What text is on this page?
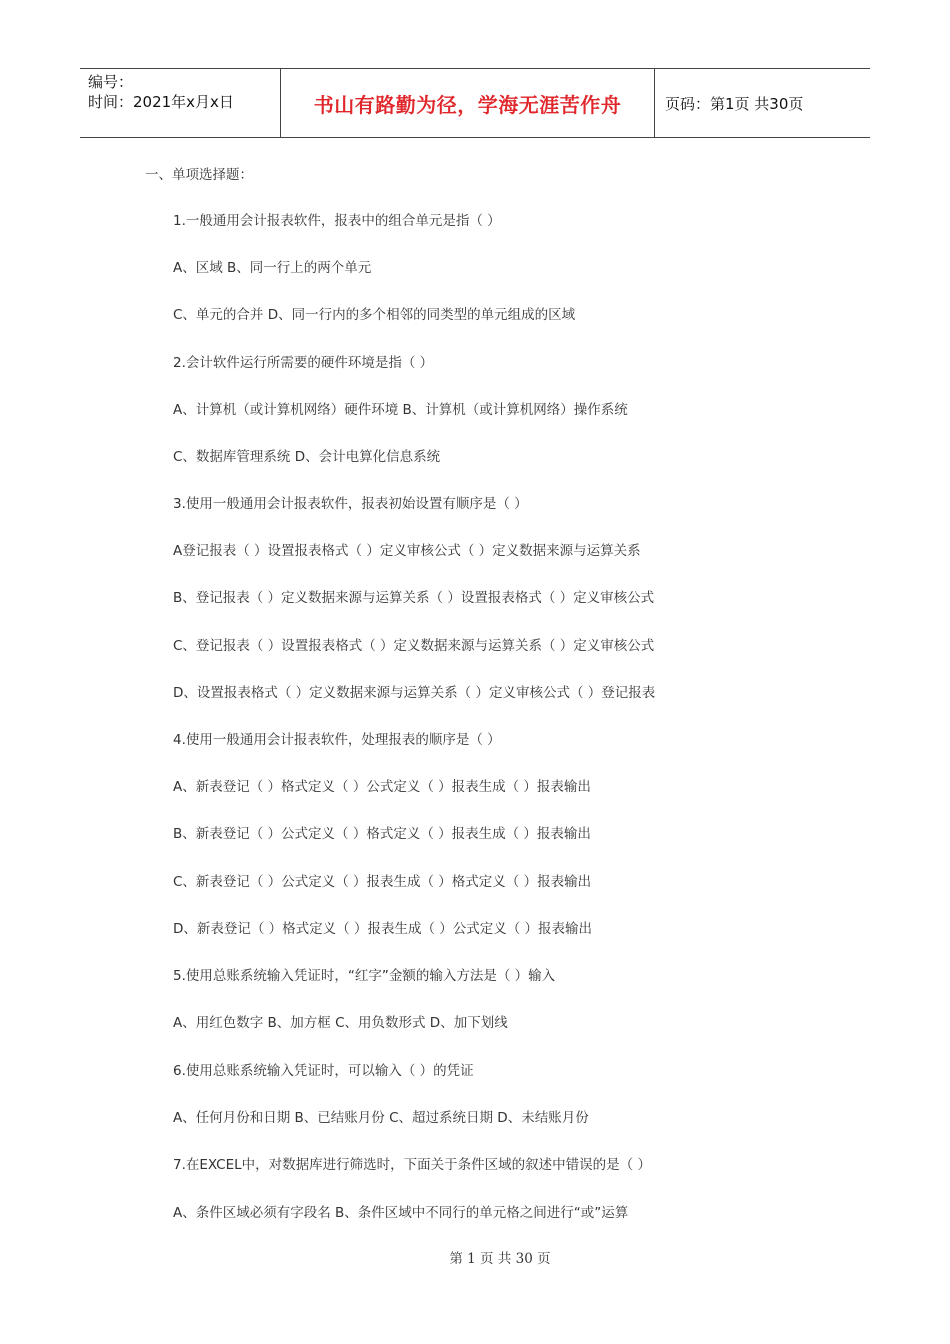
编号：
时间：2021年x月x日	书山有路勤为径，学海无涯苦作舟	页码：第1页 共30页
一、单项选择题：
1.一般通用会计报表软件，报表中的组合单元是指（ ）
A、区域 B、同一行上的两个单元
C、单元的合并 D、同一行内的多个相邻的同类型的单元组成的区域
2.会计软件运行所需要的硬件环境是指（ ）
A、计算机（或计算机网络）硬件环境 B、计算机（或计算机网络）操作系统
C、数据库管理系统 D、会计电算化信息系统
3.使用一般通用会计报表软件，报表初始设置有顺序是（ ）
A登记报表（ ）设置报表格式（ ）定义审核公式（ ）定义数据来源与运算关系
B、登记报表（ ）定义数据来源与运算关系（ ）设置报表格式（ ）定义审核公式
C、登记报表（ ）设置报表格式（ ）定义数据来源与运算关系（ ）定义审核公式
D、设置报表格式（ ）定义数据来源与运算关系（ ）定义审核公式（ ）登记报表
4.使用一般通用会计报表软件，处理报表的顺序是（ ）
A、新表登记（ ）格式定义（ ）公式定义（ ）报表生成（ ）报表输出
B、新表登记（ ）公式定义（ ）格式定义（ ）报表生成（ ）报表输出
C、新表登记（ ）公式定义（ ）报表生成（ ）格式定义（ ）报表输出
D、新表登记（ ）格式定义（ ）报表生成（ ）公式定义（ ）报表输出
5.使用总账系统输入凭证时，“红字”金额的输入方法是（ ）输入
A、用红色数字 B、加方框 C、用负数形式 D、加下划线
6.使用总账系统输入凭证时，可以输入（ ）的凭证
A、任何月份和日期 B、已结账月份 C、超过系统日期 D、未结账月份
7.在EXCEL中，对数据库进行筛选时，下面关于条件区域的叙述中错误的是（ ）
A、条件区域必须有字段名 B、条件区域中不同行的单元格之间进行“或”运算
第 1 页 共 30 页
